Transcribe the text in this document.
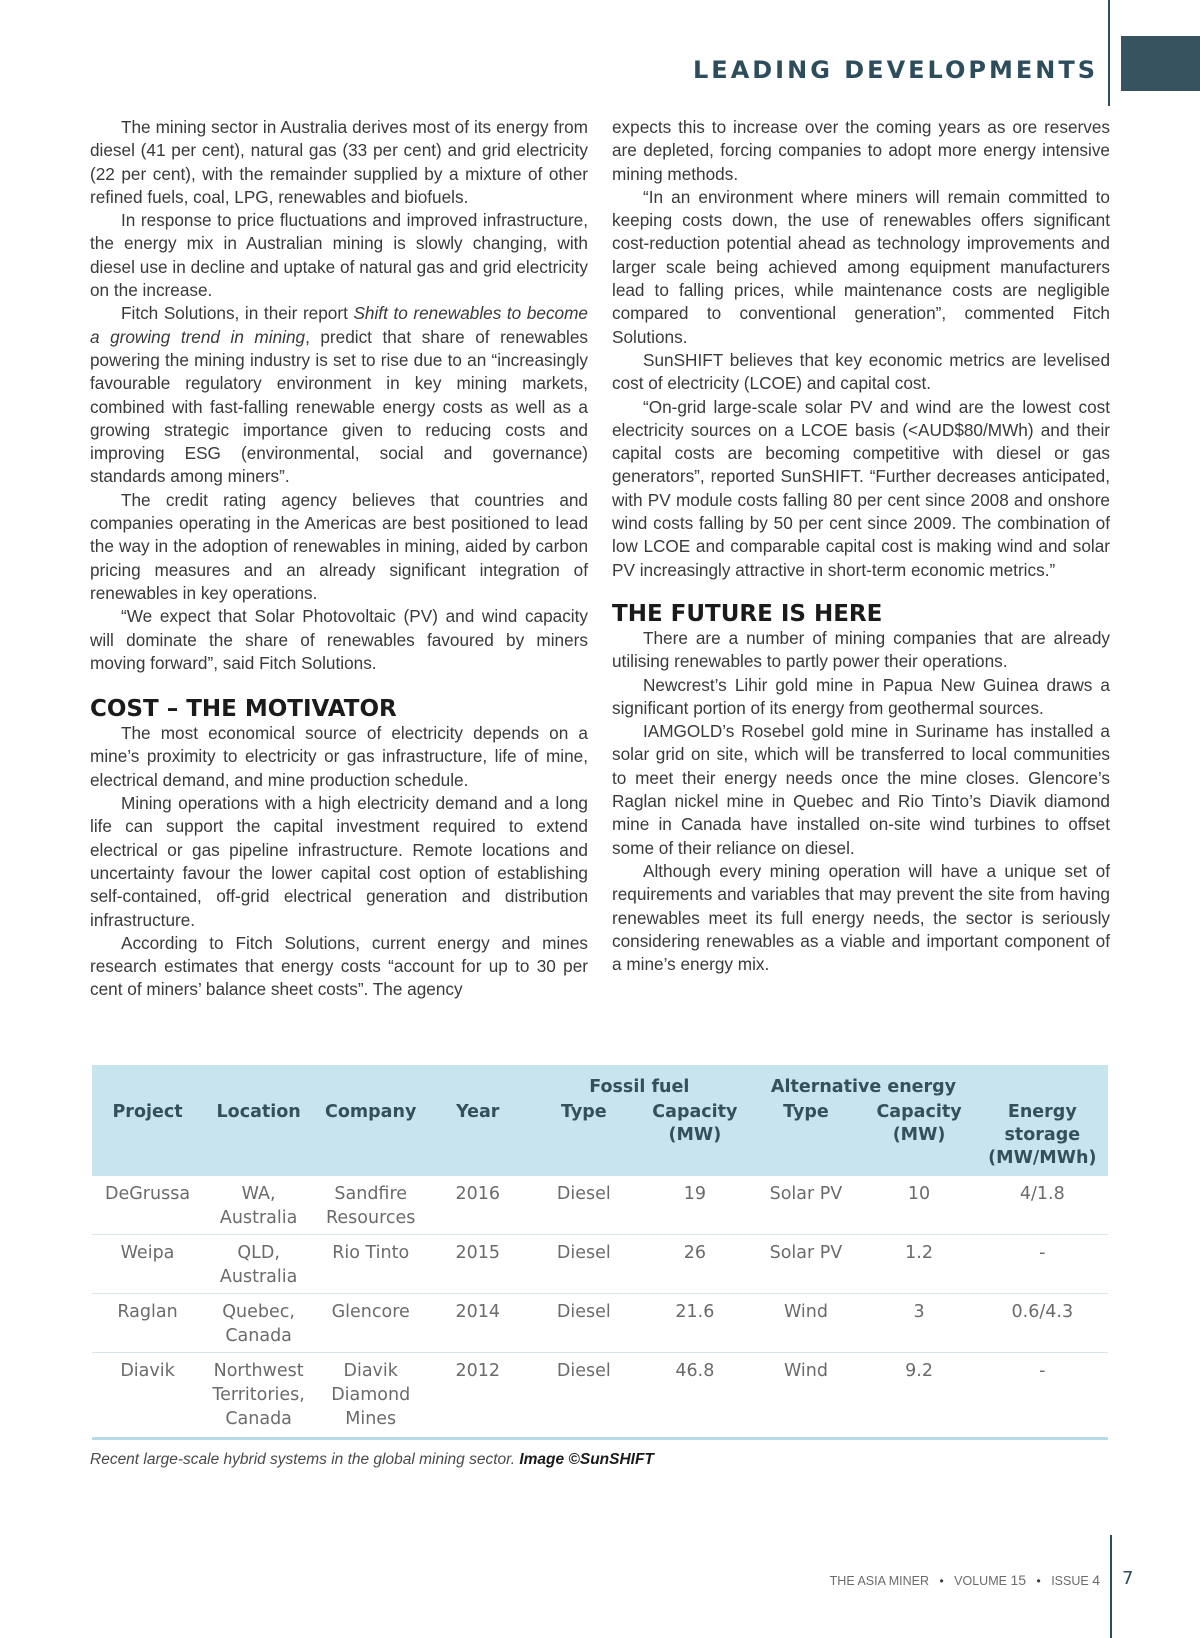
LEADING DEVELOPMENTS

The mining sector in Australia derives most of its energy from diesel (41 per cent), natural gas (33 per cent) and grid electricity (22 per cent), with the remainder supplied by a mixture of other refined fuels, coal, LPG, renewables and biofuels.

In response to price fluctuations and improved infrastructure, the energy mix in Australian mining is slowly changing, with diesel use in decline and uptake of natural gas and grid electricity on the increase.

Fitch Solutions, in their report Shift to renewables to become a growing trend in mining, predict that share of renewables powering the mining industry is set to rise due to an “increasingly favourable regulatory environment in key mining markets, combined with fast-falling renewable energy costs as well as a growing strategic importance given to reducing costs and improving ESG (environmental, social and governance) standards among miners”.

The credit rating agency believes that countries and companies operating in the Americas are best positioned to lead the way in the adoption of renewables in mining, aided by carbon pricing measures and an already significant integration of renewables in key operations.

“We expect that Solar Photovoltaic (PV) and wind capacity will dominate the share of renewables favoured by miners moving forward”, said Fitch Solutions.

COST – THE MOTIVATOR

The most economical source of electricity depends on a mine’s proximity to electricity or gas infrastructure, life of mine, electrical demand, and mine production schedule.

Mining operations with a high electricity demand and a long life can support the capital investment required to extend electrical or gas pipeline infrastructure. Remote locations and uncertainty favour the lower capital cost option of establishing self-contained, off-grid electrical generation and distribution infrastructure.

According to Fitch Solutions, current energy and mines research estimates that energy costs “account for up to 30 per cent of miners’ balance sheet costs”. The agency

expects this to increase over the coming years as ore reserves are depleted, forcing companies to adopt more energy intensive mining methods.

“In an environment where miners will remain committed to keeping costs down, the use of renewables offers significant cost-reduction potential ahead as technology improvements and larger scale being achieved among equipment manufacturers lead to falling prices, while maintenance costs are negligible compared to conventional generation”, commented Fitch Solutions.

SunSHIFT believes that key economic metrics are levelised cost of electricity (LCOE) and capital cost.

“On-grid large-scale solar PV and wind are the lowest cost electricity sources on a LCOE basis (<AUD$80/MWh) and their capital costs are becoming competitive with diesel or gas generators”, reported SunSHIFT. “Further decreases anticipated, with PV module costs falling 80 per cent since 2008 and onshore wind costs falling by 50 per cent since 2009. The combination of low LCOE and comparable capital cost is making wind and solar PV increasingly attractive in short-term economic metrics.”

THE FUTURE IS HERE

There are a number of mining companies that are already utilising renewables to partly power their operations.

Newcrest’s Lihir gold mine in Papua New Guinea draws a significant portion of its energy from geothermal sources.

IAMGOLD’s Rosebel gold mine in Suriname has installed a solar grid on site, which will be transferred to local communities to meet their energy needs once the mine closes. Glencore’s Raglan nickel mine in Quebec and Rio Tinto’s Diavik diamond mine in Canada have installed on-site wind turbines to offset some of their reliance on diesel.

Although every mining operation will have a unique set of requirements and variables that may prevent the site from having renewables meet its full energy needs, the sector is seriously considering renewables as a viable and important component of a mine’s energy mix.

				Fossil fuel		Alternative energy		
Project	Location	Company	Year	Type	Capacity (MW)	Type	Capacity (MW)	Energy storage (MW/MWh)
DeGrussa	WA, Australia	Sandfire Resources	2016	Diesel	19	Solar PV	10	4/1.8
Weipa	QLD, Australia	Rio Tinto	2015	Diesel	26	Solar PV	1.2	-
Raglan	Quebec, Canada	Glencore	2014	Diesel	21.6	Wind	3	0.6/4.3
Diavik	Northwest Territories, Canada	Diavik Diamond Mines	2012	Diesel	46.8	Wind	9.2	-
Recent large-scale hybrid systems in the global mining sector. Image ©SunSHIFT
THE ASIA MINER • VOLUME 15 • ISSUE 4 7
